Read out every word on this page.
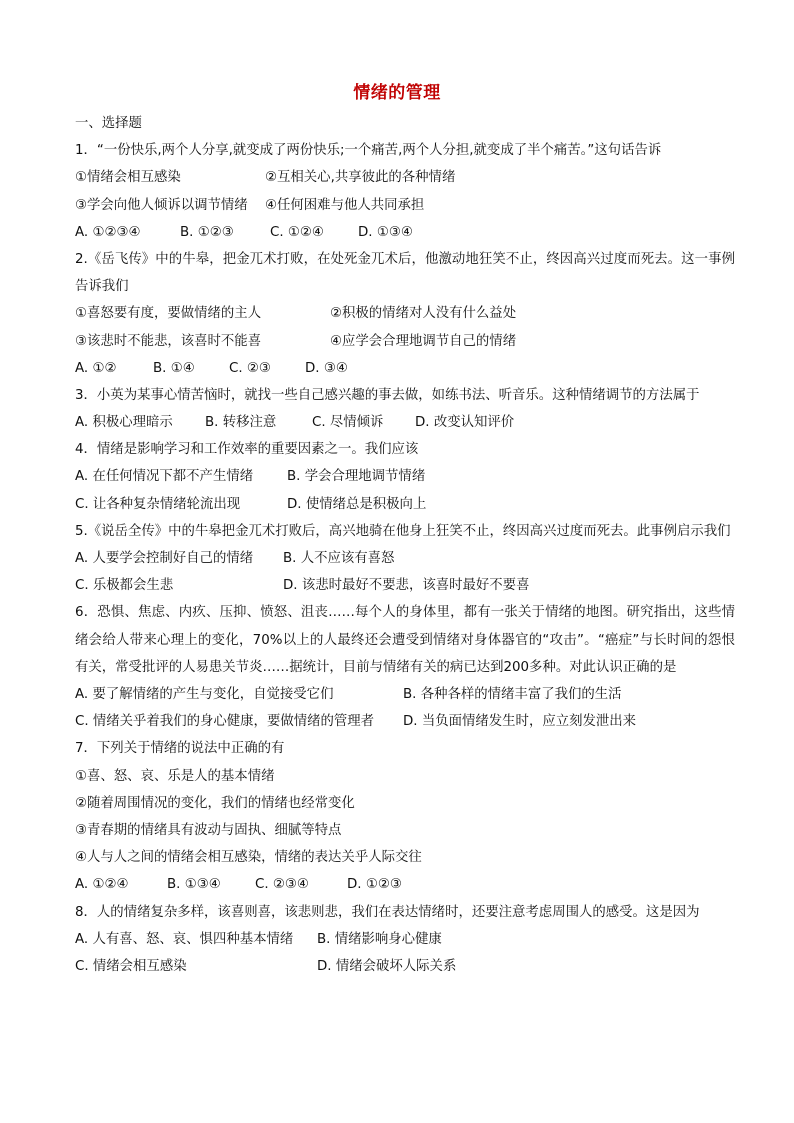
情绪的管理
一、选择题
1．“一份快乐,两个人分享,就变成了两份快乐;一个痛苦,两个人分担,就变成了半个痛苦。”这句话告诉
①情绪会相互感染	②互相关心,共享彼此的各种情绪
③学会向他人倾诉以调节情绪	④任何困难与他人共同承担
A. ①②③④	B. ①②③	C. ①②④	D. ①③④
2.《岳飞传》中的牛皋，把金兀术打败，在处死金兀术后，他激动地狂笑不止，终因高兴过度而死去。这一事例告诉我们
①喜怒要有度，要做情绪的主人	②积极的情绪对人没有什么益处
③该悲时不能悲，该喜时不能喜	④应学会合理地调节自己的情绪
A. ①②	B. ①④	C. ②③	D. ③④
3．小英为某事心情苦恼时，就找一些自己感兴趣的事去做，如练书法、听音乐。这种情绪调节的方法属于
A. 积极心理暗示	B. 转移注意	C. 尽情倾诉	D. 改变认知评价
4．情绪是影响学习和工作效率的重要因素之一。我们应该
A. 在任何情况下都不产生情绪	B. 学会合理地调节情绪
C. 让各种复杂情绪轮流出现	D. 使情绪总是积极向上
5.《说岳全传》中的牛皋把金兀术打败后，高兴地骑在他身上狂笑不止，终因高兴过度而死去。此事例启示我们
A. 人要学会控制好自己的情绪	B. 人不应该有喜怒
C. 乐极都会生悲	D. 该悲时最好不要悲，该喜时最好不要喜
6．恐惧、焦虑、内疚、压抑、愤怒、沮丧……每个人的身体里，都有一张关于情绪的地图。研究指出，这些情绪会给人带来心理上的变化，70%以上的人最终还会遭受到情绪对身体器官的“攻击”。“癌症”与长时间的怨恨有关，常受批评的人易患关节炎……据统计，目前与情绪有关的病已达到200多种。对此认识正确的是
A. 要了解情绪的产生与变化，自觉接受它们	B. 各种各样的情绪丰富了我们的生活
C. 情绪关乎着我们的身心健康，要做情绪的管理者	D. 当负面情绪发生时，应立刻发泄出来
7．下列关于情绪的说法中正确的有
①喜、怒、哀、乐是人的基本情绪
②随着周围情况的变化，我们的情绪也经常变化
③青春期的情绪具有波动与固执、细腻等特点
④人与人之间的情绪会相互感染，情绪的表达关乎人际交往
A. ①②④	B. ①③④	C. ②③④	D. ①②③
8．人的情绪复杂多样，该喜则喜，该悲则悲，我们在表达情绪时，还要注意考虑周围人的感受。这是因为
A. 人有喜、怒、哀、惧四种基本情绪	B. 情绪影响身心健康
C. 情绪会相互感染	D. 情绪会破坏人际关系
